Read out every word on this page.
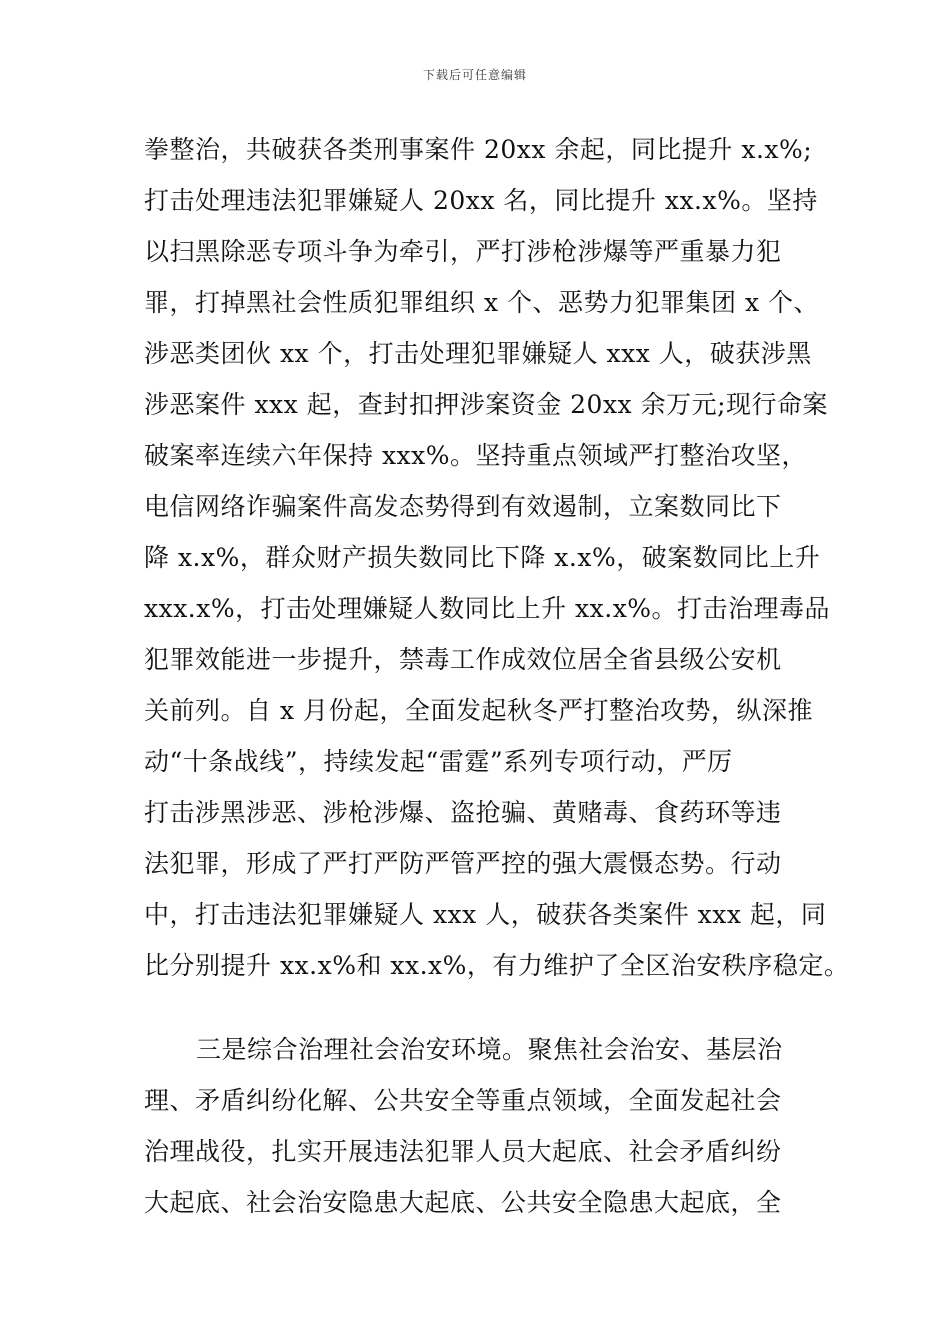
下载后可任意编辑
拳整治，共破获各类刑事案件 20xx 余起，同比提升 x.x%;
打击处理违法犯罪嫌疑人 20xx 名，同比提升 xx.x%。坚持
以扫黑除恶专项斗争为牵引，严打涉枪涉爆等严重暴力犯
罪，打掉黑社会性质犯罪组织 x 个、恶势力犯罪集团 x 个、
涉恶类团伙 xx 个，打击处理犯罪嫌疑人 xxx 人，破获涉黑
涉恶案件 xxx 起，查封扣押涉案资金 20xx 余万元;现行命案
破案率连续六年保持 xxx%。坚持重点领域严打整治攻坚，
电信网络诈骗案件高发态势得到有效遏制，立案数同比下
降 x.x%，群众财产损失数同比下降 x.x%，破案数同比上升
xxx.x%，打击处理嫌疑人数同比上升 xx.x%。打击治理毒品
犯罪效能进一步提升，禁毒工作成效位居全省县级公安机
关前列。自 x 月份起，全面发起秋冬严打整治攻势，纵深推
动“十条战线”，持续发起“雷霆”系列专项行动，严厉
打击涉黑涉恶、涉枪涉爆、盗抢骗、黄赌毒、食药环等违
法犯罪，形成了严打严防严管严控的强大震慑态势。行动
中，打击违法犯罪嫌疑人 xxx 人，破获各类案件 xxx 起，同
比分别提升 xx.x%和 xx.x%，有力维护了全区治安秩序稳定。
三是综合治理社会治安环境。聚焦社会治安、基层治
理、矛盾纠纷化解、公共安全等重点领域，全面发起社会
治理战役，扎实开展违法犯罪人员大起底、社会矛盾纠纷
大起底、社会治安隐患大起底、公共安全隐患大起底，全
